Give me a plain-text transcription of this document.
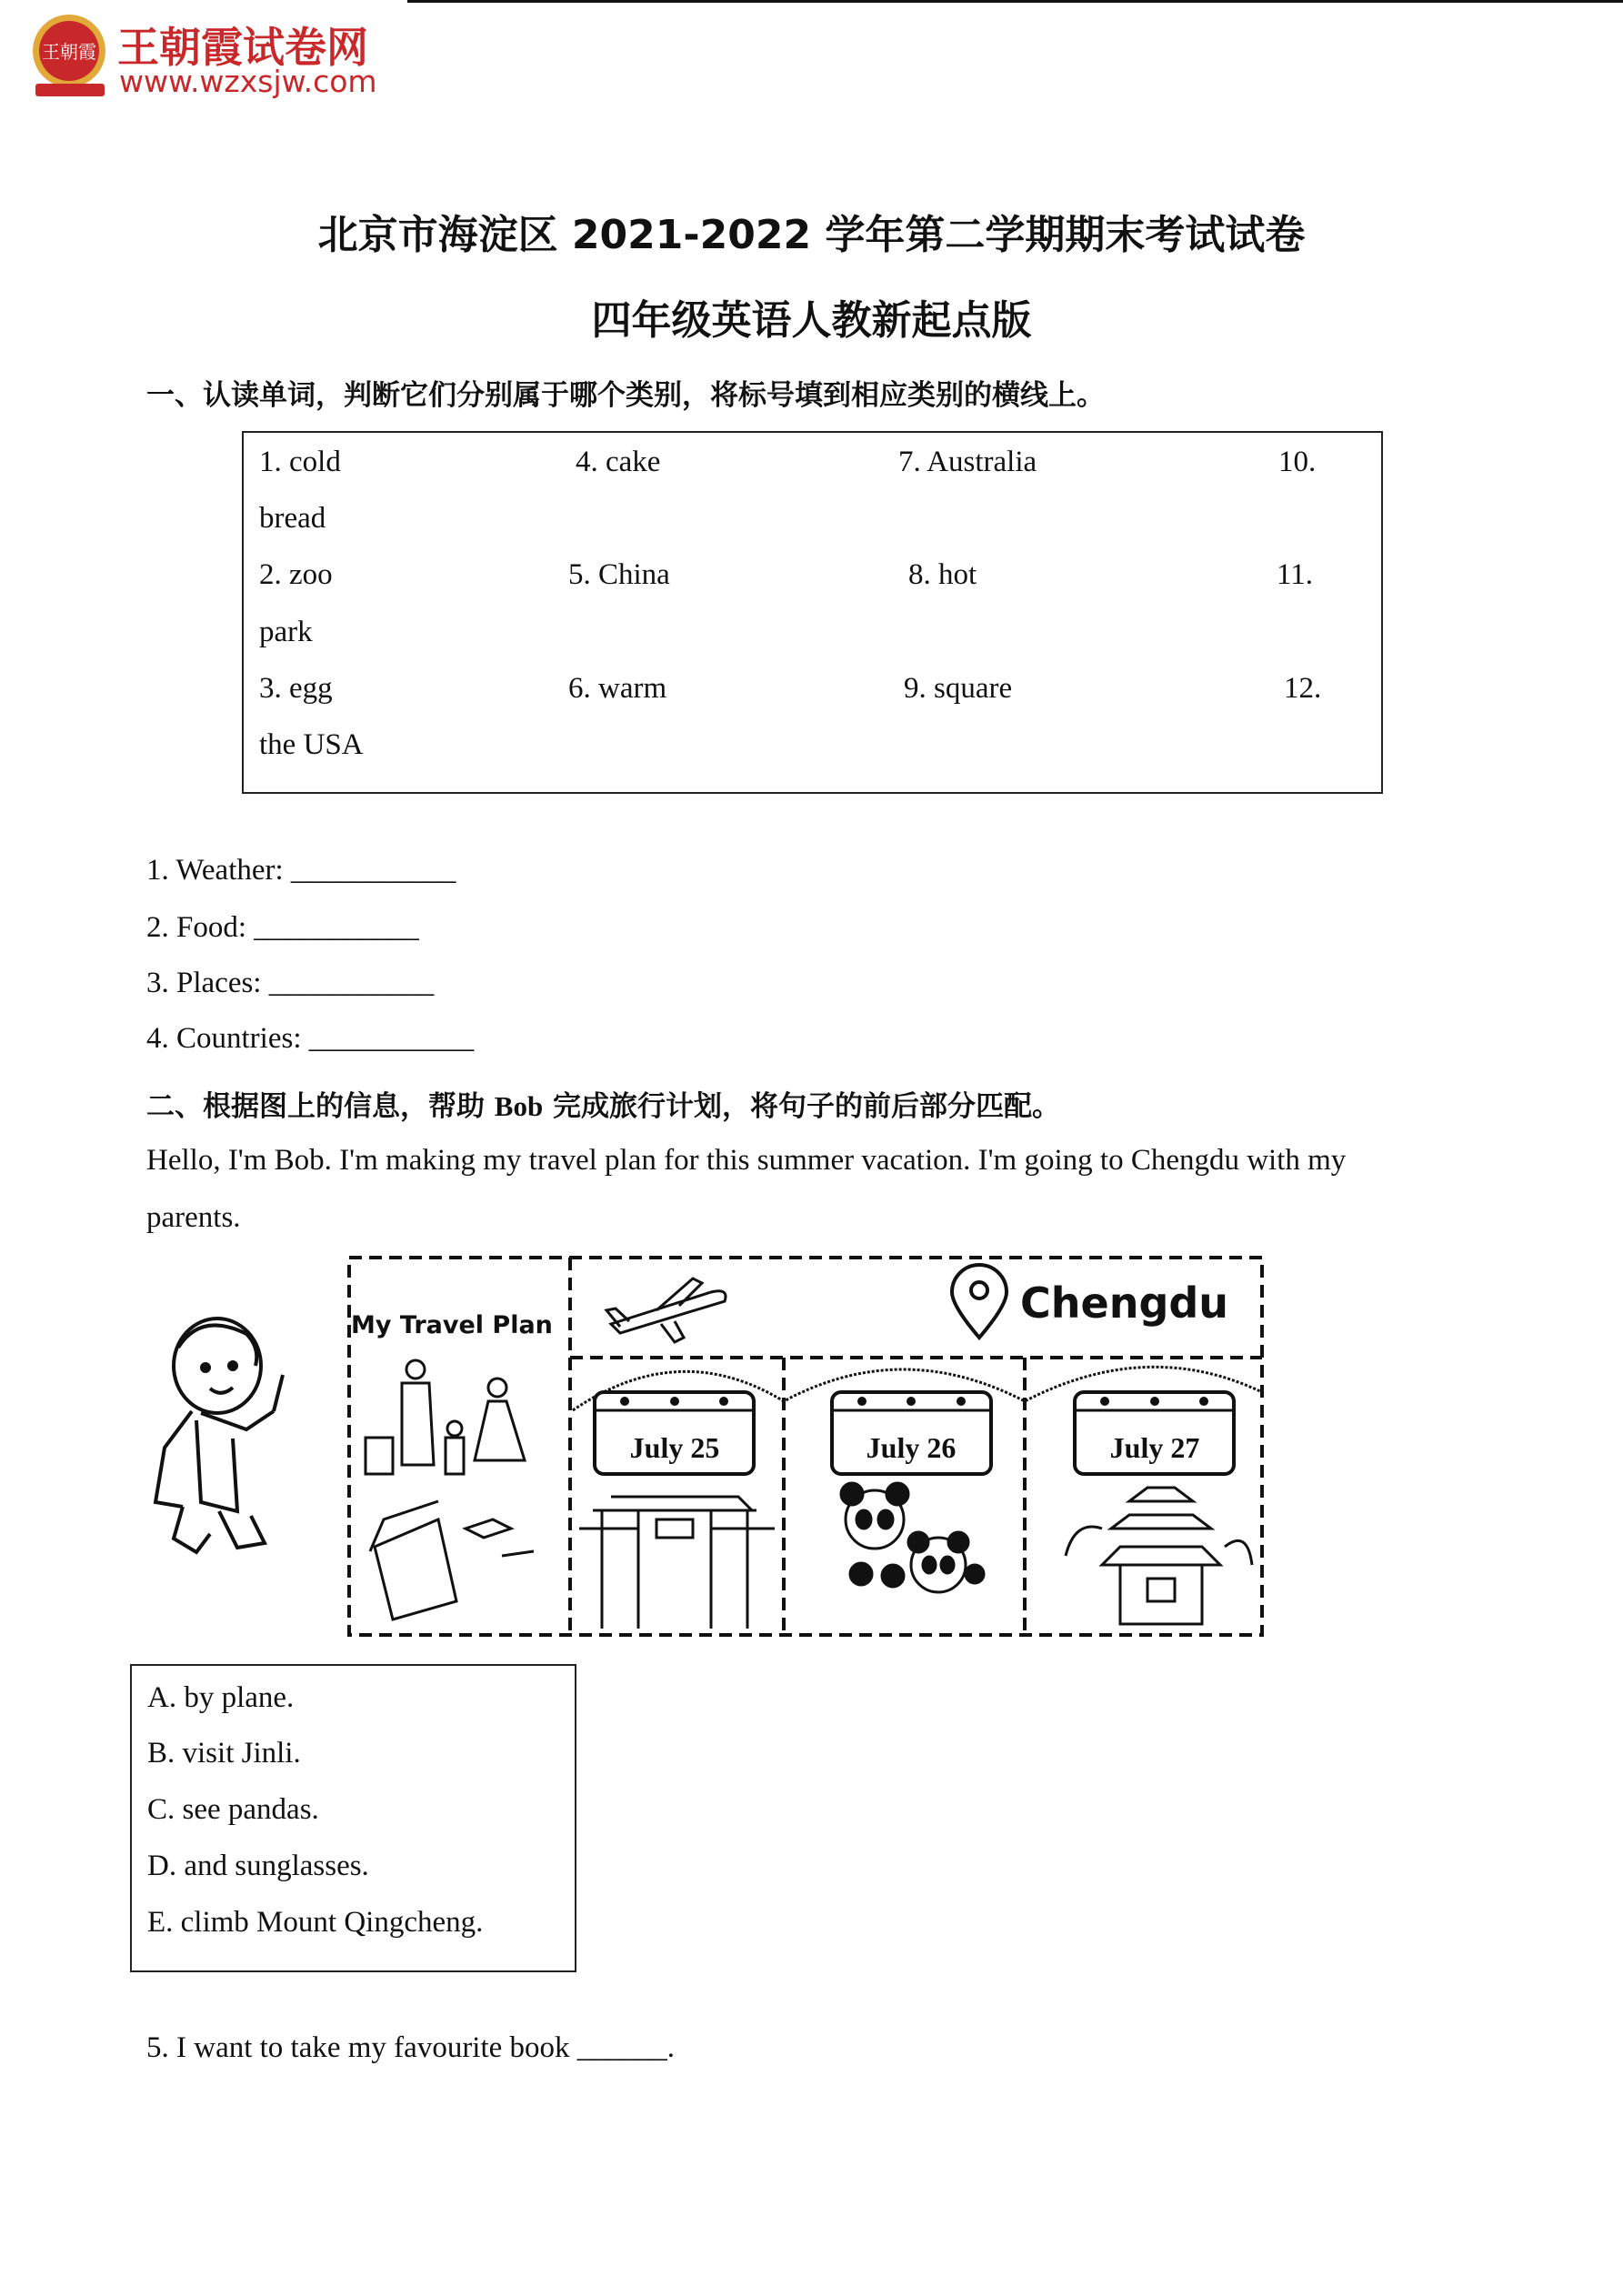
王朝霞 王朝霞试卷网
www.wzxsjw.com
北京市海淀区 2021-2022 学年第二学期期末考试试卷
四年级英语人教新起点版
一、认读单词，判断它们分别属于哪个类别，将标号填到相应类别的横线上。
1. cold	4. cake	7. Australia	10.
bread
2. zoo	5. China	8. hot	11.
park
3. egg	6. warm	9. square	12.
the USA
1. Weather: ___________
2. Food: ___________
3. Places: ___________
4. Countries: ___________
二、根据图上的信息，帮助 Bob 完成旅行计划，将句子的前后部分匹配。
Hello, I'm Bob. I'm making my travel plan for this summer vacation. I'm going to Chengdu with my
parents.
My Travel Plan	Chengdu
July 25	July 26	July 27
A. by plane.
B. visit Jinli.
C. see pandas.
D. and sunglasses.
E. climb Mount Qingcheng.
5. I want to take my favourite book ______.
